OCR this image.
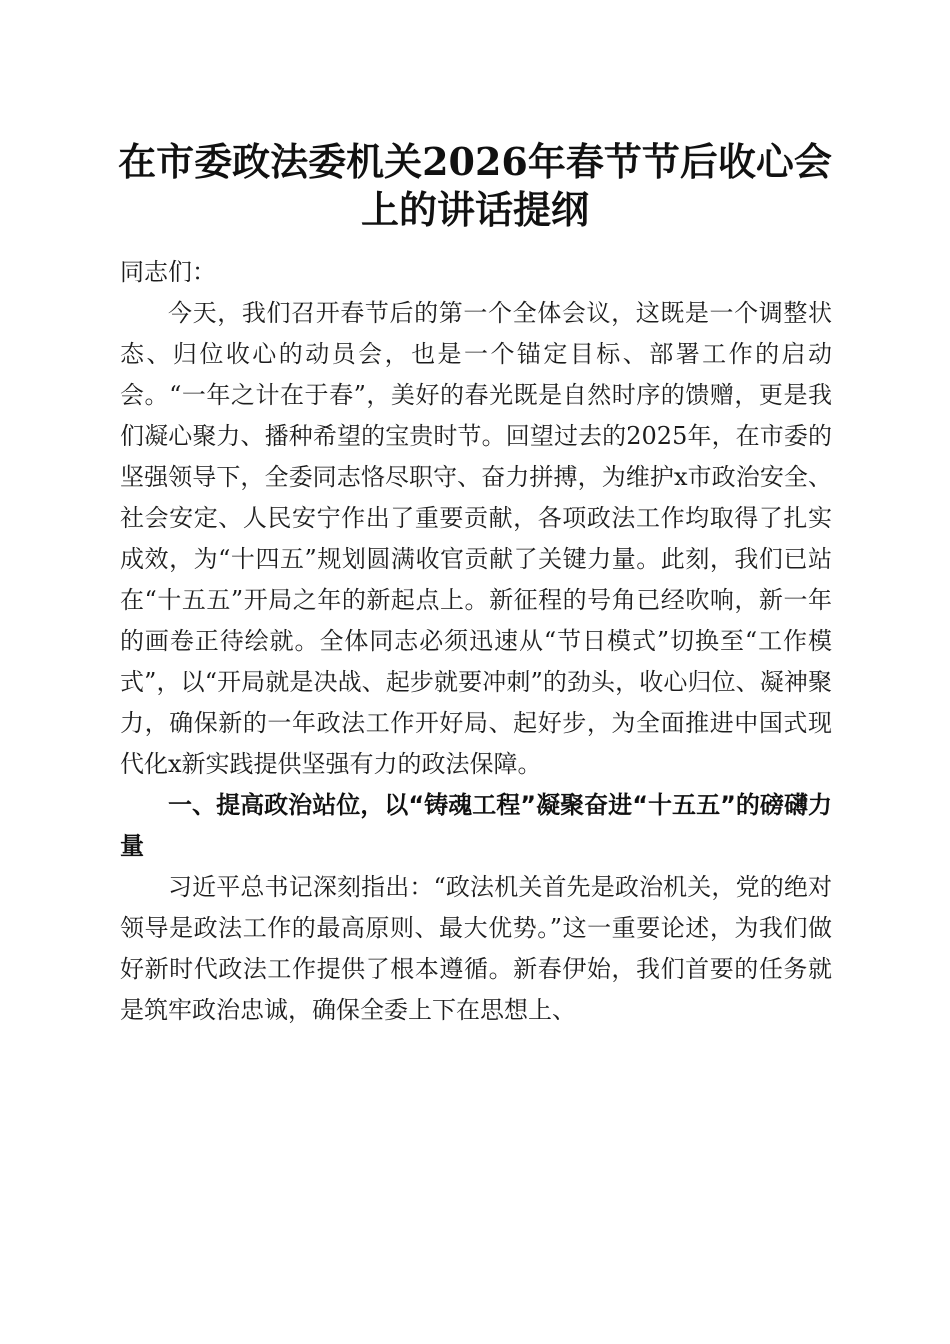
在市委政法委机关2026年春节节后收心会上的讲话提纲

同志们：

今天，我们召开春节后的第一个全体会议，这既是一个调整状态、归位收心的动员会，也是一个锚定目标、部署工作的启动会。“一年之计在于春”，美好的春光既是自然时序的馈赠，更是我们凝心聚力、播种希望的宝贵时节。回望过去的2025年，在市委的坚强领导下，全委同志恪尽职守、奋力拼搏，为维护x市政治安全、社会安定、人民安宁作出了重要贡献，各项政法工作均取得了扎实成效，为“十四五”规划圆满收官贡献了关键力量。此刻，我们已站在“十五五”开局之年的新起点上。新征程的号角已经吹响，新一年的画卷正待绘就。全体同志必须迅速从“节日模式”切换至“工作模式”，以“开局就是决战、起步就要冲刺”的劲头，收心归位、凝神聚力，确保新的一年政法工作开好局、起好步，为全面推进中国式现代化x新实践提供坚强有力的政法保障。

一、提高政治站位，以“铸魂工程”凝聚奋进“十五五”的磅礴力量

习近平总书记深刻指出：“政法机关首先是政治机关，党的绝对领导是政法工作的最高原则、最大优势。”这一重要论述，为我们做好新时代政法工作提供了根本遵循。新春伊始，我们首要的任务就是筑牢政治忠诚，确保全委上下在思想上、
